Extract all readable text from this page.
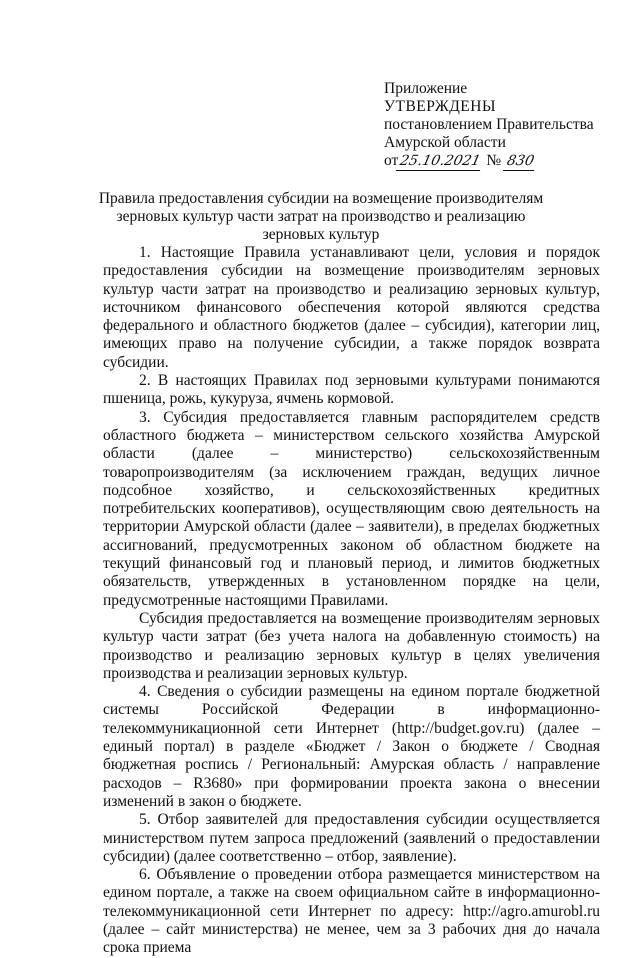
Приложение
УТВЕРЖДЕНЫ
постановлением Правительства
Амурской области
от25.10.2021 № 830
Правила предоставления субсидии на возмещение производителям зерновых культур части затрат на производство и реализацию зерновых культур

1. Настоящие Правила устанавливают цели, условия и порядок предоставления субсидии на возмещение производителям зерновых культур части затрат на производство и реализацию зерновых культур, источником финансового обеспечения которой являются средства федерального и областного бюджетов (далее – субсидия), категории лиц, имеющих право на получение субсидии, а также порядок возврата субсидии.

2. В настоящих Правилах под зерновыми культурами понимаются пшеница, рожь, кукуруза, ячмень кормовой.

3. Субсидия предоставляется главным распорядителем средств областного бюджета – министерством сельского хозяйства Амурской области (далее – министерство) сельскохозяйственным товаропроизводителям (за исключением граждан, ведущих личное подсобное хозяйство, и сельскохозяйственных кредитных потребительских кооперативов), осуществляющим свою деятельность на территории Амурской области (далее – заявители), в пределах бюджетных ассигнований, предусмотренных законом об областном бюджете на текущий финансовый год и плановый период, и лимитов бюджетных обязательств, утвержденных в установленном порядке на цели, предусмотренные настоящими Правилами.

Субсидия предоставляется на возмещение производителям зерновых культур части затрат (без учета налога на добавленную стоимость) на производство и реализацию зерновых культур в целях увеличения производства и реализации зерновых культур.

4. Сведения о субсидии размещены на едином портале бюджетной системы Российской Федерации в информационно-телекоммуникационной сети Интернет (http://budget.gov.ru) (далее – единый портал) в разделе «Бюджет / Закон о бюджете / Сводная бюджетная роспись / Региональный: Амурская область / направление расходов – R3680» при формировании проекта закона о внесении изменений в закон о бюджете.

5. Отбор заявителей для предоставления субсидии осуществляется министерством путем запроса предложений (заявлений о предоставлении субсидии) (далее соответственно – отбор, заявление).

6. Объявление о проведении отбора размещается министерством на едином портале, а также на своем официальном сайте в информационно-телекоммуникационной сети Интернет по адресу: http://agro.amurobl.ru (далее – сайт министерства) не менее, чем за 3 рабочих дня до начала срока приема
